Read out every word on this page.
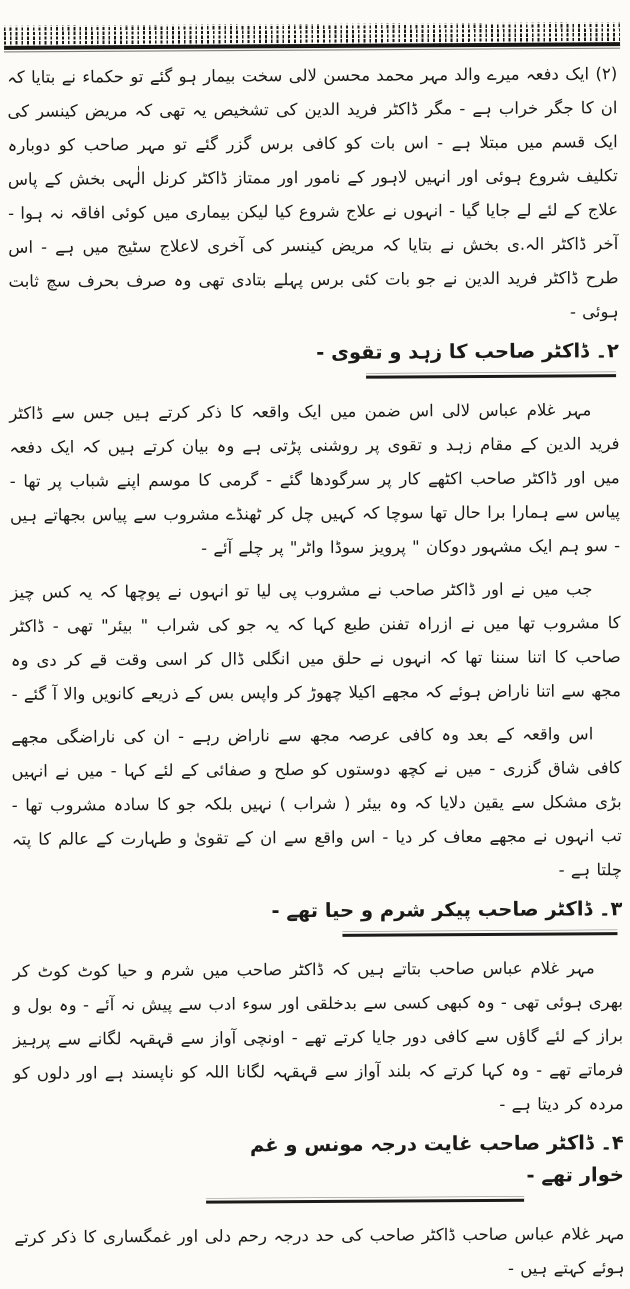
(۲) ایک دفعہ میرے والد مہر محمد محسن لالی سخت بیمار ہو گئے تو حکماء نے بتایا کہ ان کا جگر خراب ہے - مگر ڈاکٹر فرید الدین کی تشخیص یہ تھی کہ مریض کینسر کی ایک قسم میں مبتلا ہے - اس بات کو کافی برس گزر گئے تو مہر صاحب کو دوبارہ تکلیف شروع ہوئی اور انہیں لاہور کے نامور اور ممتاز ڈاکٹر کرنل الٰہی بخش کے پاس علاج کے لئے لے جایا گیا - انہوں نے علاج شروع کیا لیکن بیماری میں کوئی افاقہ نہ ہوا - آخر ڈاکٹر الہ.ی بخش نے بتایا کہ مریض کینسر کی آخری لاعلاج سٹیج میں ہے - اس طرح ڈاکٹر فرید الدین نے جو بات کئی برس پہلے بتادی تھی وہ صرف بحرف سچ ثابت ہوئی -

۲۔ ڈاکٹر صاحب کا زہد و تقوی -

مہر غلام عباس لالی اس ضمن میں ایک واقعہ کا ذکر کرتے ہیں جس سے ڈاکٹر فرید الدین کے مقام زہد و تقوی پر روشنی پڑتی ہے وہ بیان کرتے ہیں کہ ایک دفعہ میں اور ڈاکٹر صاحب اکٹھے کار پر سرگودھا گئے - گرمی کا موسم اپنے شباب پر تھا - پیاس سے ہمارا برا حال تھا سوچا کہ کہیں چل کر ٹھنڈے مشروب سے پیاس بجھاتے ہیں - سو ہم ایک مشہور دوکان " پرویز سوڈا واٹر" پر چلے آئے -

جب میں نے اور ڈاکٹر صاحب نے مشروب پی لیا تو انہوں نے پوچھا کہ یہ کس چیز کا مشروب تھا میں نے ازراہ تفنن طبع کہا کہ یہ جو کی شراب " بیئر" تھی - ڈاکٹر صاحب کا اتنا سننا تھا کہ انہوں نے حلق میں انگلی ڈال کر اسی وقت قے کر دی وہ مجھ سے اتنا ناراض ہوئے کہ مجھے اکیلا چھوڑ کر واپس بس کے ذریعے کانویں والا آ گئے -

اس واقعہ کے بعد وہ کافی عرصہ مجھ سے ناراض رہے - ان کی ناراضگی مجھے کافی شاق گزری - میں نے کچھ دوستوں کو صلح و صفائی کے لئے کہا - میں نے انہیں بڑی مشکل سے یقین دلایا کہ وہ بیئر ( شراب ) نہیں بلکہ جو کا سادہ مشروب تھا - تب انہوں نے مجھے معاف کر دیا - اس واقع سے ان کے تقویٰ و طہارت کے عالم کا پتہ چلتا ہے -

۳۔ ڈاکٹر صاحب پیکر شرم و حیا تھے -

مہر غلام عباس صاحب بتاتے ہیں کہ ڈاکٹر صاحب میں شرم و حیا کوٹ کوٹ کر بھری ہوئی تھی - وہ کبھی کسی سے بدخلقی اور سوء ادب سے پیش نہ آئے - وہ بول و براز کے لئے گاؤں سے کافی دور جایا کرتے تھے - اونچی آواز سے قہقہہ لگانے سے پرہیز فرماتے تھے - وہ کہا کرتے کہ بلند آواز سے قہقہہ لگانا اللہ کو ناپسند ہے اور دلوں کو مردہ کر دیتا ہے -

۴۔ ڈاکٹر صاحب غایت درجہ مونس و غم خوار تھے -

مہر غلام عباس صاحب ڈاکٹر صاحب کی حد درجہ رحم دلی اور غمگساری کا ذکر کرتے ہوئے کہتے ہیں -
